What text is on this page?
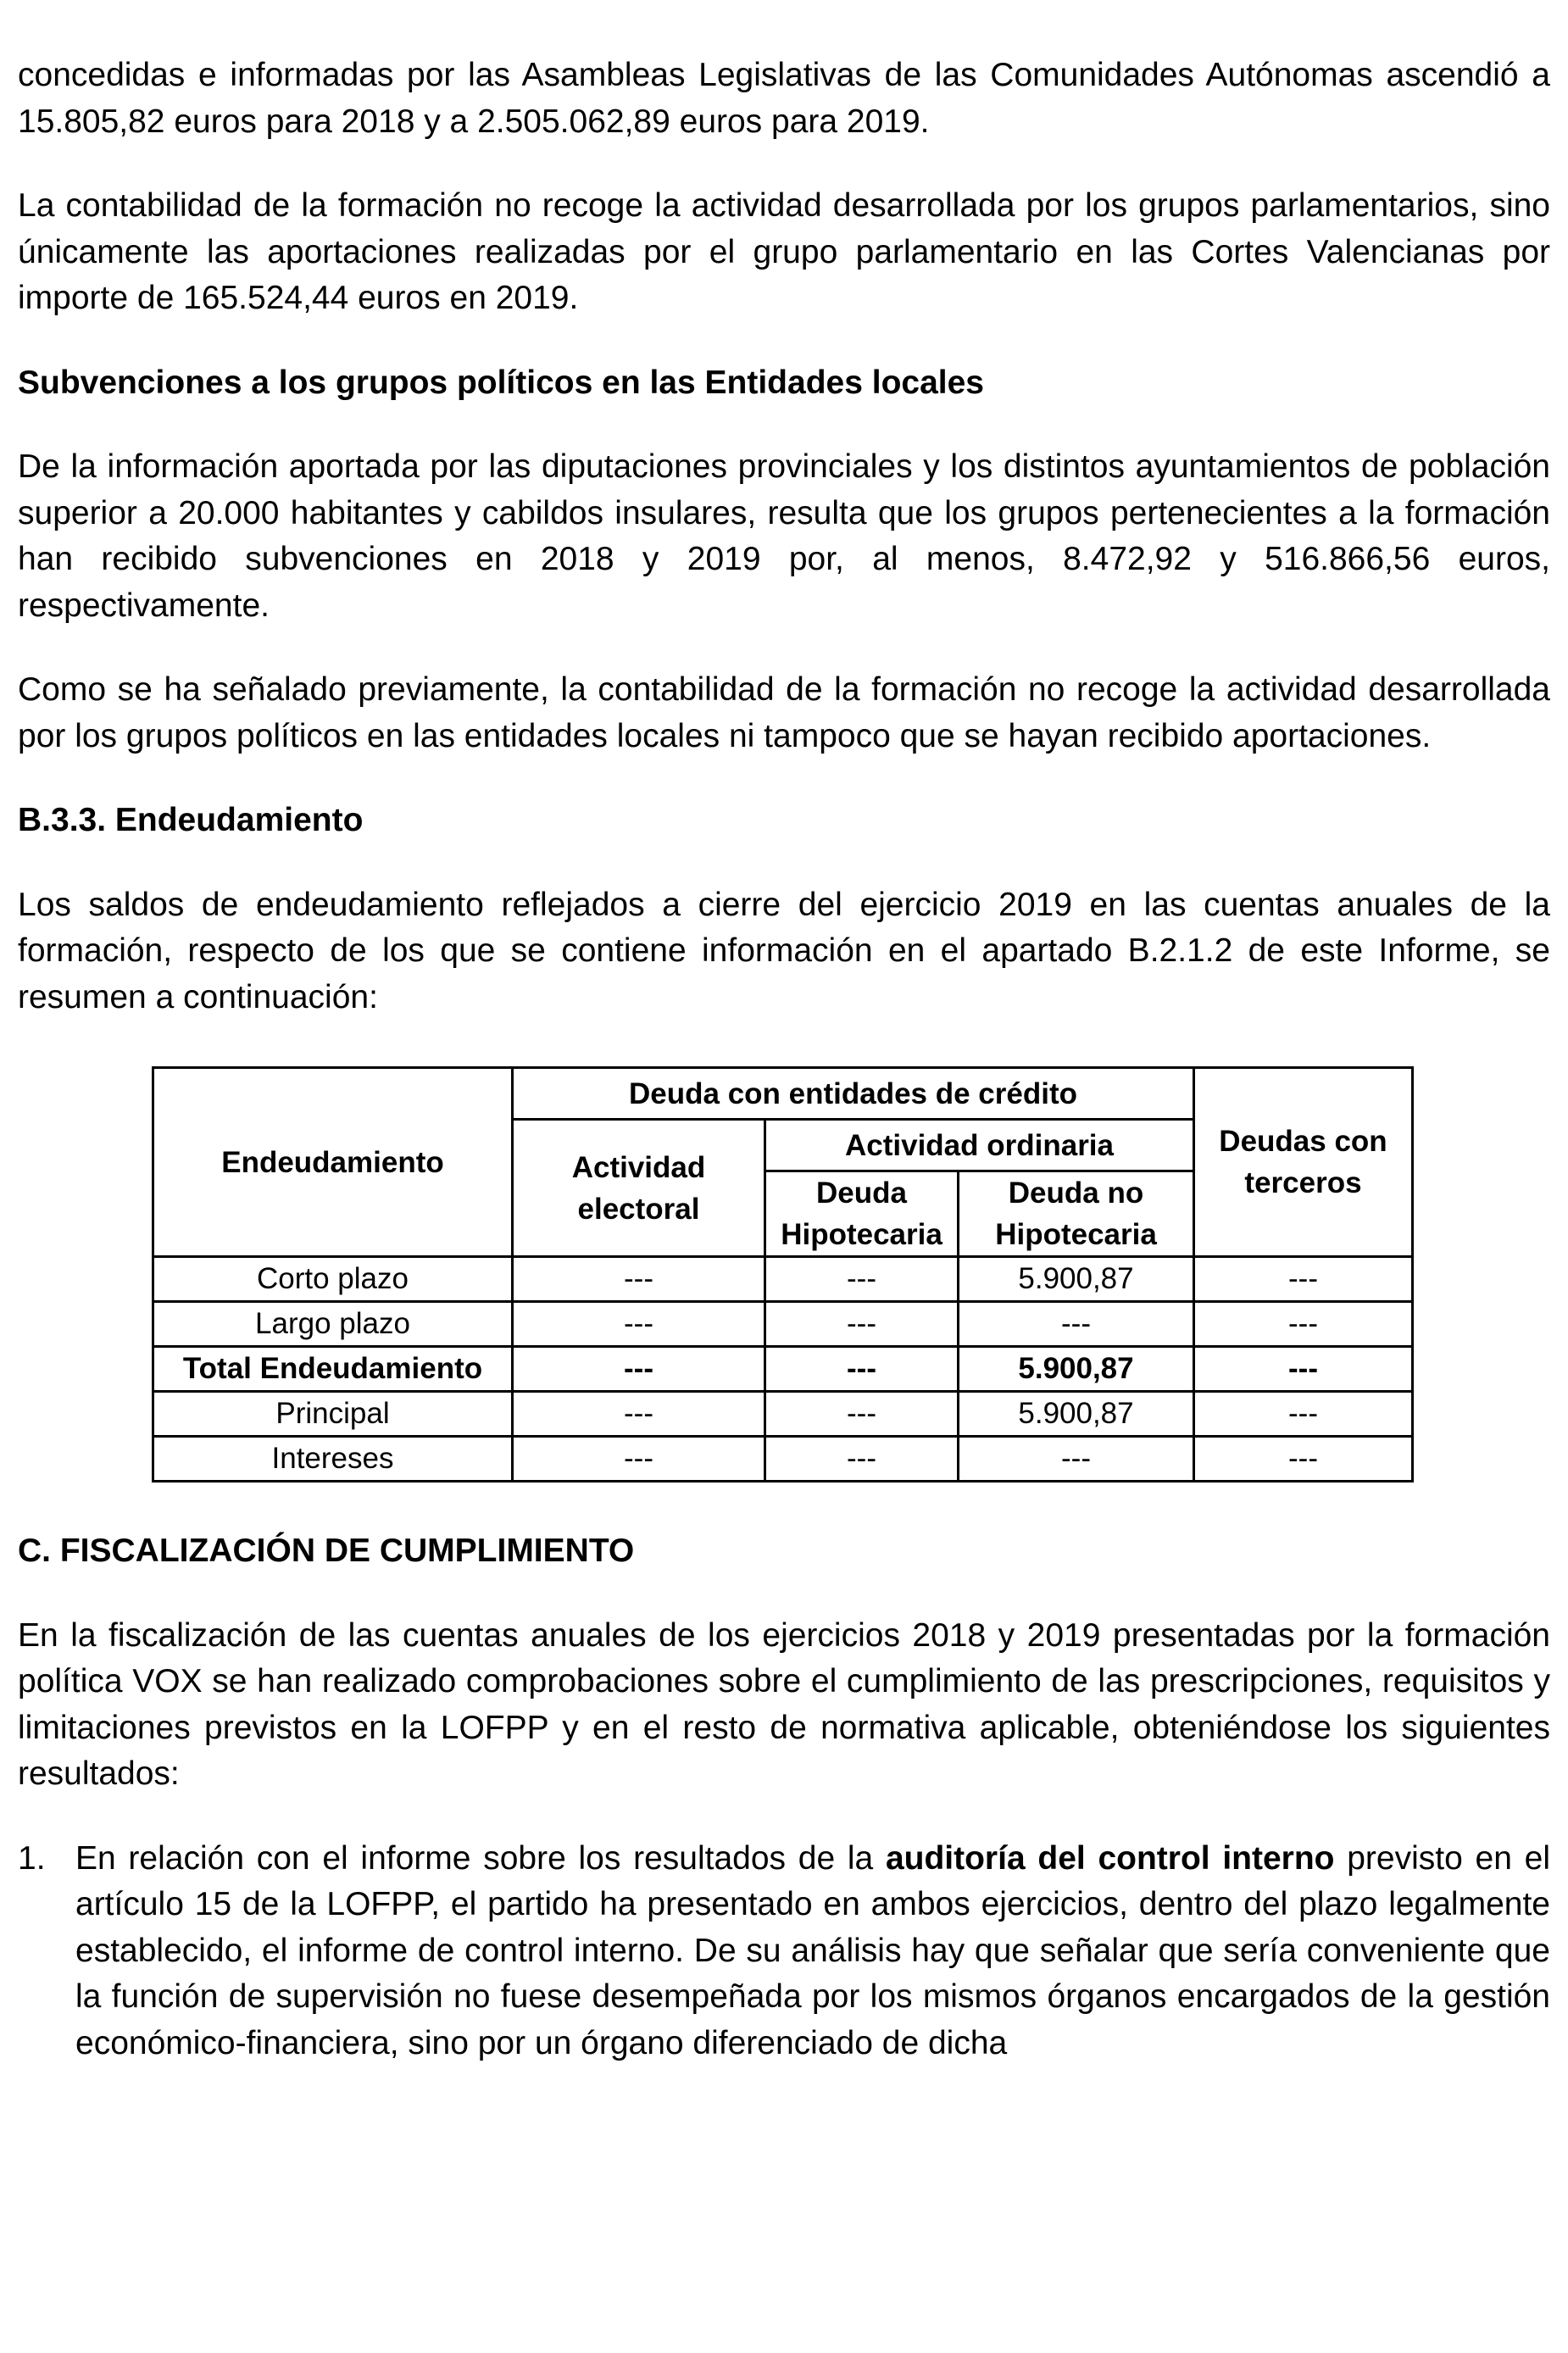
concedidas e informadas por las Asambleas Legislativas de las Comunidades Autónomas ascendió a 15.805,82 euros para 2018 y a 2.505.062,89 euros para 2019.

La contabilidad de la formación no recoge la actividad desarrollada por los grupos parlamentarios, sino únicamente las aportaciones realizadas por el grupo parlamentario en las Cortes Valencianas por importe de 165.524,44 euros en 2019.

Subvenciones a los grupos políticos en las Entidades locales

De la información aportada por las diputaciones provinciales y los distintos ayuntamientos de población superior a 20.000 habitantes y cabildos insulares, resulta que los grupos pertenecientes a la formación han recibido subvenciones en 2018 y 2019 por, al menos, 8.472,92 y 516.866,56 euros, respectivamente.

Como se ha señalado previamente, la contabilidad de la formación no recoge la actividad desarrollada por los grupos políticos en las entidades locales ni tampoco que se hayan recibido aportaciones.

B.3.3. Endeudamiento

Los saldos de endeudamiento reflejados a cierre del ejercicio 2019 en las cuentas anuales de la formación, respecto de los que se contiene información en el apartado B.2.1.2 de este Informe, se resumen a continuación:

Endeudamiento	Deuda con entidades de crédito			Deudas con terceros
	Actividad electoral	Actividad ordinaria		
		Deuda Hipotecaria	Deuda no Hipotecaria	
Corto plazo	---	---	5.900,87	---
Largo plazo	---	---	---	---
Total Endeudamiento	---	---	5.900,87	---
Principal	---	---	5.900,87	---
Intereses	---	---	---	---
C. FISCALIZACIÓN DE CUMPLIMIENTO

En la fiscalización de las cuentas anuales de los ejercicios 2018 y 2019 presentadas por la formación política VOX se han realizado comprobaciones sobre el cumplimiento de las prescripciones, requisitos y limitaciones previstos en la LOFPP y en el resto de normativa aplicable, obteniéndose los siguientes resultados:

1. En relación con el informe sobre los resultados de la auditoría del control interno previsto en el artículo 15 de la LOFPP, el partido ha presentado en ambos ejercicios, dentro del plazo legalmente establecido, el informe de control interno. De su análisis hay que señalar que sería conveniente que la función de supervisión no fuese desempeñada por los mismos órganos encargados de la gestión económico-financiera, sino por un órgano diferenciado de dicha
